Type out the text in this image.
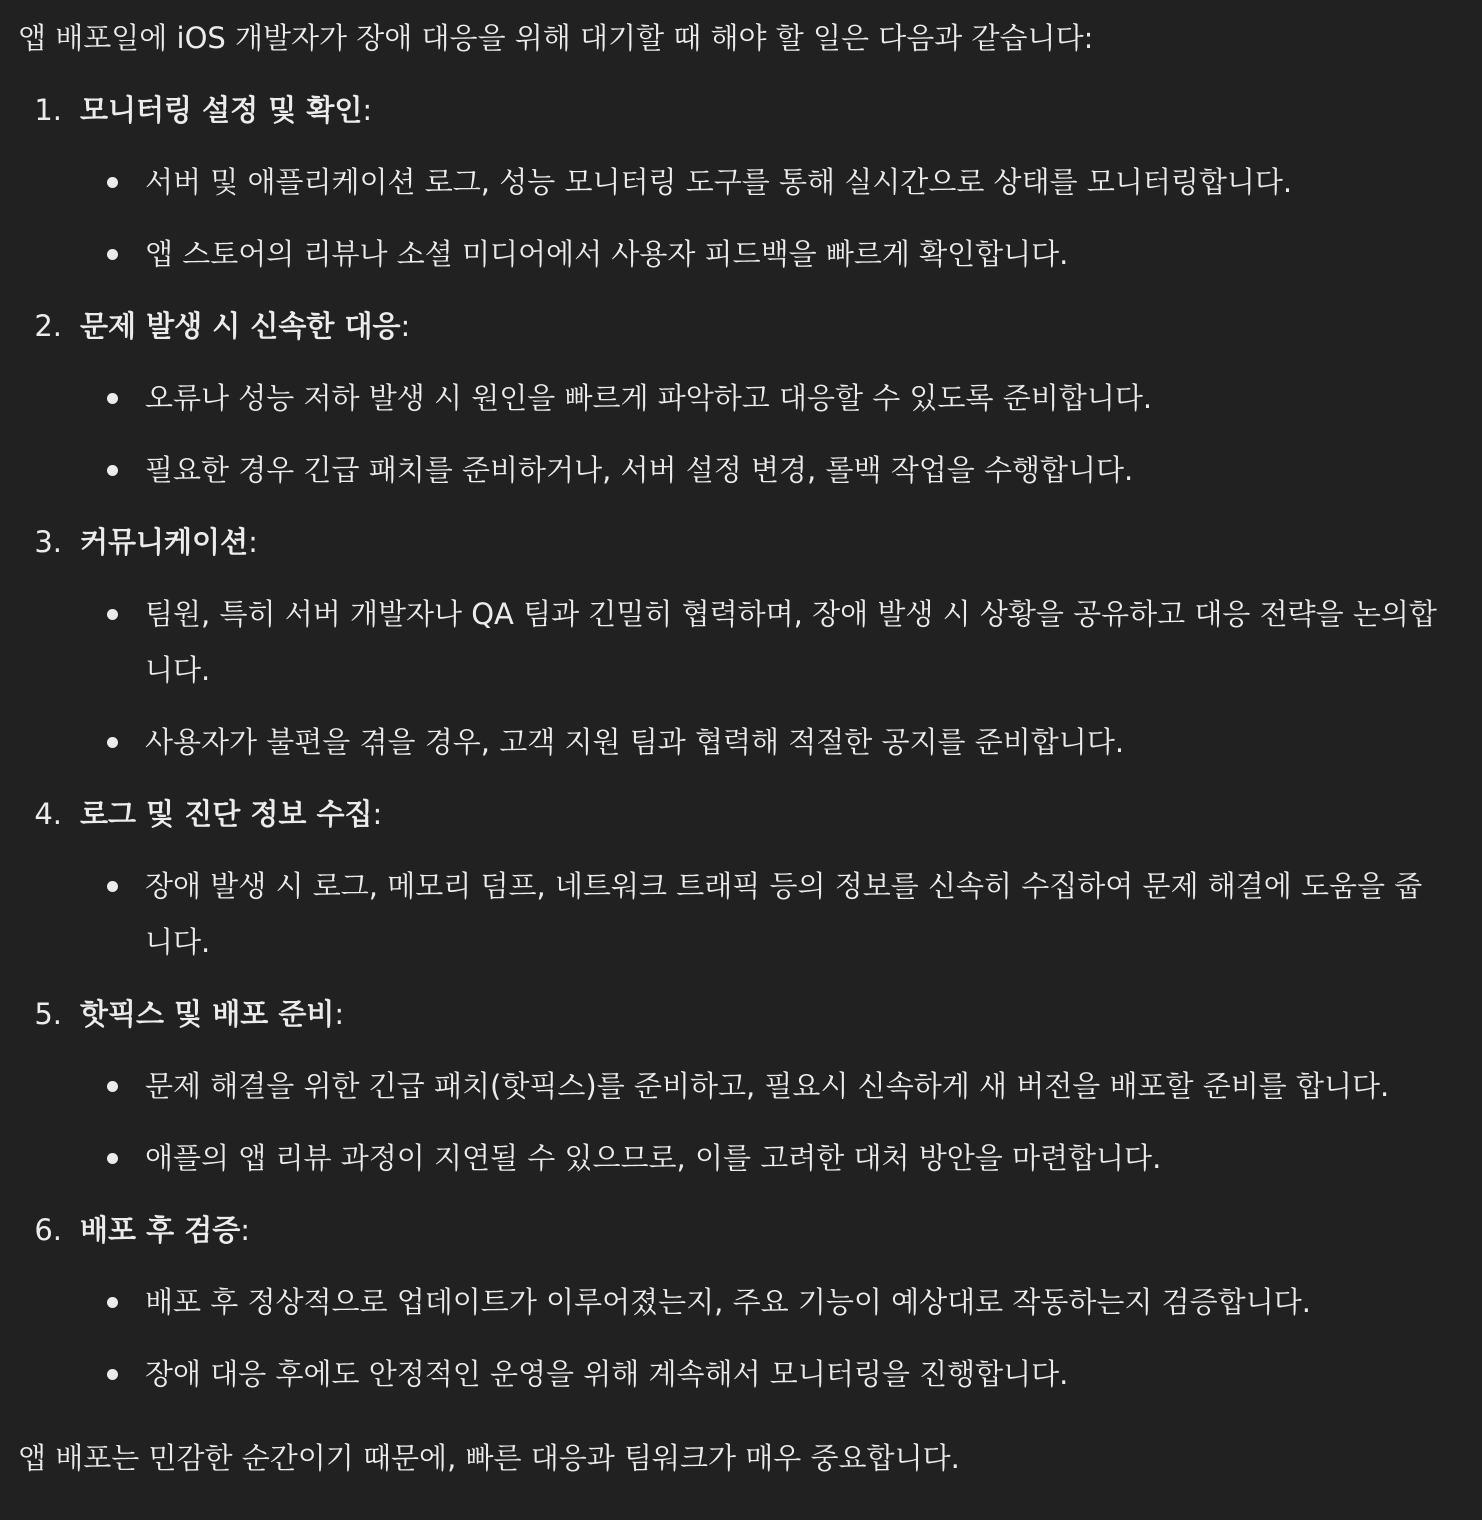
앱 배포일에 iOS 개발자가 장애 대응을 위해 대기할 때 해야 할 일은 다음과 같습니다:

1. 모니터링 설정 및 확인:
서버 및 애플리케이션 로그, 성능 모니터링 도구를 통해 실시간으로 상태를 모니터링합니다.
앱 스토어의 리뷰나 소셜 미디어에서 사용자 피드백을 빠르게 확인합니다.
2. 문제 발생 시 신속한 대응:
오류나 성능 저하 발생 시 원인을 빠르게 파악하고 대응할 수 있도록 준비합니다.
필요한 경우 긴급 패치를 준비하거나, 서버 설정 변경, 롤백 작업을 수행합니다.
3. 커뮤니케이션:
팀원, 특히 서버 개발자나 QA 팀과 긴밀히 협력하며, 장애 발생 시 상황을 공유하고 대응 전략을 논의합니다.
사용자가 불편을 겪을 경우, 고객 지원 팀과 협력해 적절한 공지를 준비합니다.
4. 로그 및 진단 정보 수집:
장애 발생 시 로그, 메모리 덤프, 네트워크 트래픽 등의 정보를 신속히 수집하여 문제 해결에 도움을 줍니다.
5. 핫픽스 및 배포 준비:
문제 해결을 위한 긴급 패치(핫픽스)를 준비하고, 필요시 신속하게 새 버전을 배포할 준비를 합니다.
애플의 앱 리뷰 과정이 지연될 수 있으므로, 이를 고려한 대처 방안을 마련합니다.
6. 배포 후 검증:
배포 후 정상적으로 업데이트가 이루어졌는지, 주요 기능이 예상대로 작동하는지 검증합니다.
장애 대응 후에도 안정적인 운영을 위해 계속해서 모니터링을 진행합니다.

앱 배포는 민감한 순간이기 때문에, 빠른 대응과 팀워크가 매우 중요합니다.
